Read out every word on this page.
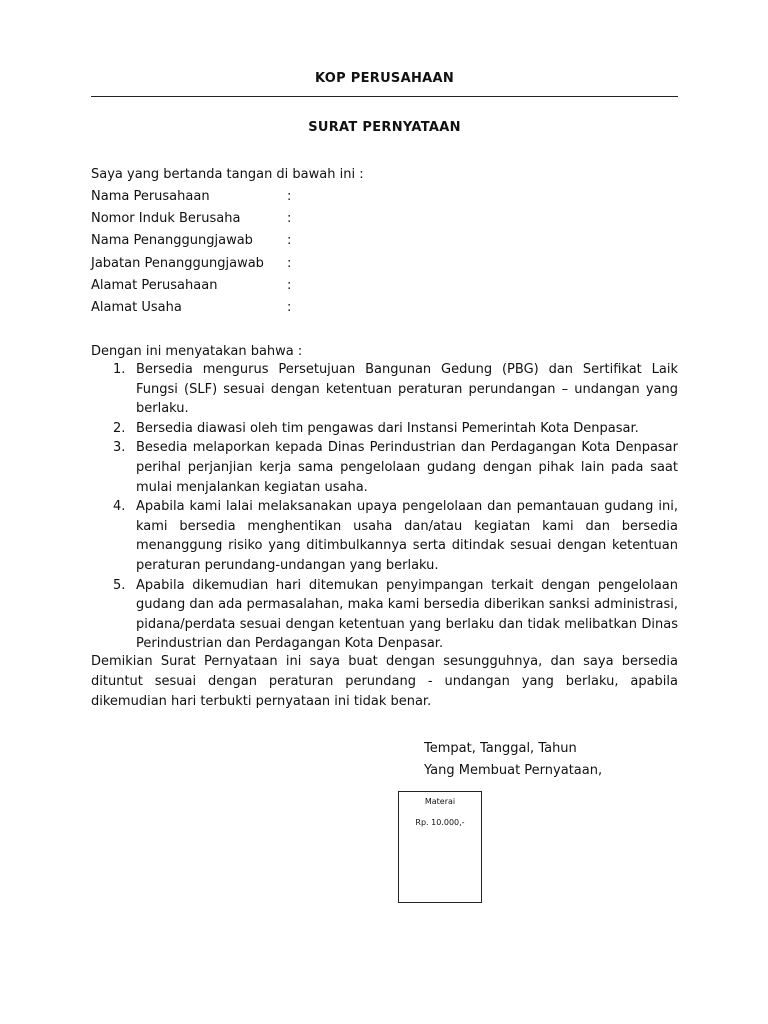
KOP PERUSAHAAN
SURAT PERNYATAAN
Saya yang bertanda tangan di bawah ini :
Nama Perusahaan	:
Nomor Induk Berusaha	:
Nama Penanggungjawab	:
Jabatan Penanggungjawab :
Alamat Perusahaan	:
Alamat Usaha	:
Dengan ini menyatakan bahwa :
1. Bersedia mengurus Persetujuan Bangunan Gedung (PBG) dan Sertifikat Laik Fungsi (SLF) sesuai dengan ketentuan peraturan perundangan – undangan yang berlaku.
2. Bersedia diawasi oleh tim pengawas dari Instansi Pemerintah Kota Denpasar.
3. Besedia melaporkan kepada Dinas Perindustrian dan Perdagangan Kota Denpasar perihal perjanjian kerja sama pengelolaan gudang dengan pihak lain pada saat mulai menjalankan kegiatan usaha.
4. Apabila kami lalai melaksanakan upaya pengelolaan dan pemantauan gudang ini, kami bersedia menghentikan usaha dan/atau kegiatan kami dan bersedia menanggung risiko yang ditimbulkannya serta ditindak sesuai dengan ketentuan peraturan perundang-undangan yang berlaku.
5. Apabila dikemudian hari ditemukan penyimpangan terkait dengan pengelolaan gudang dan ada permasalahan, maka kami bersedia diberikan sanksi administrasi, pidana/perdata sesuai dengan ketentuan yang berlaku dan tidak melibatkan Dinas Perindustrian dan Perdagangan Kota Denpasar.
Demikian Surat Pernyataan ini saya buat dengan sesungguhnya, dan saya bersedia dituntut sesuai dengan peraturan perundang - undangan yang berlaku, apabila dikemudian hari terbukti pernyataan ini tidak benar.
Tempat, Tanggal, Tahun
Yang Membuat Pernyataan,
Materai
Rp. 10.000,-
